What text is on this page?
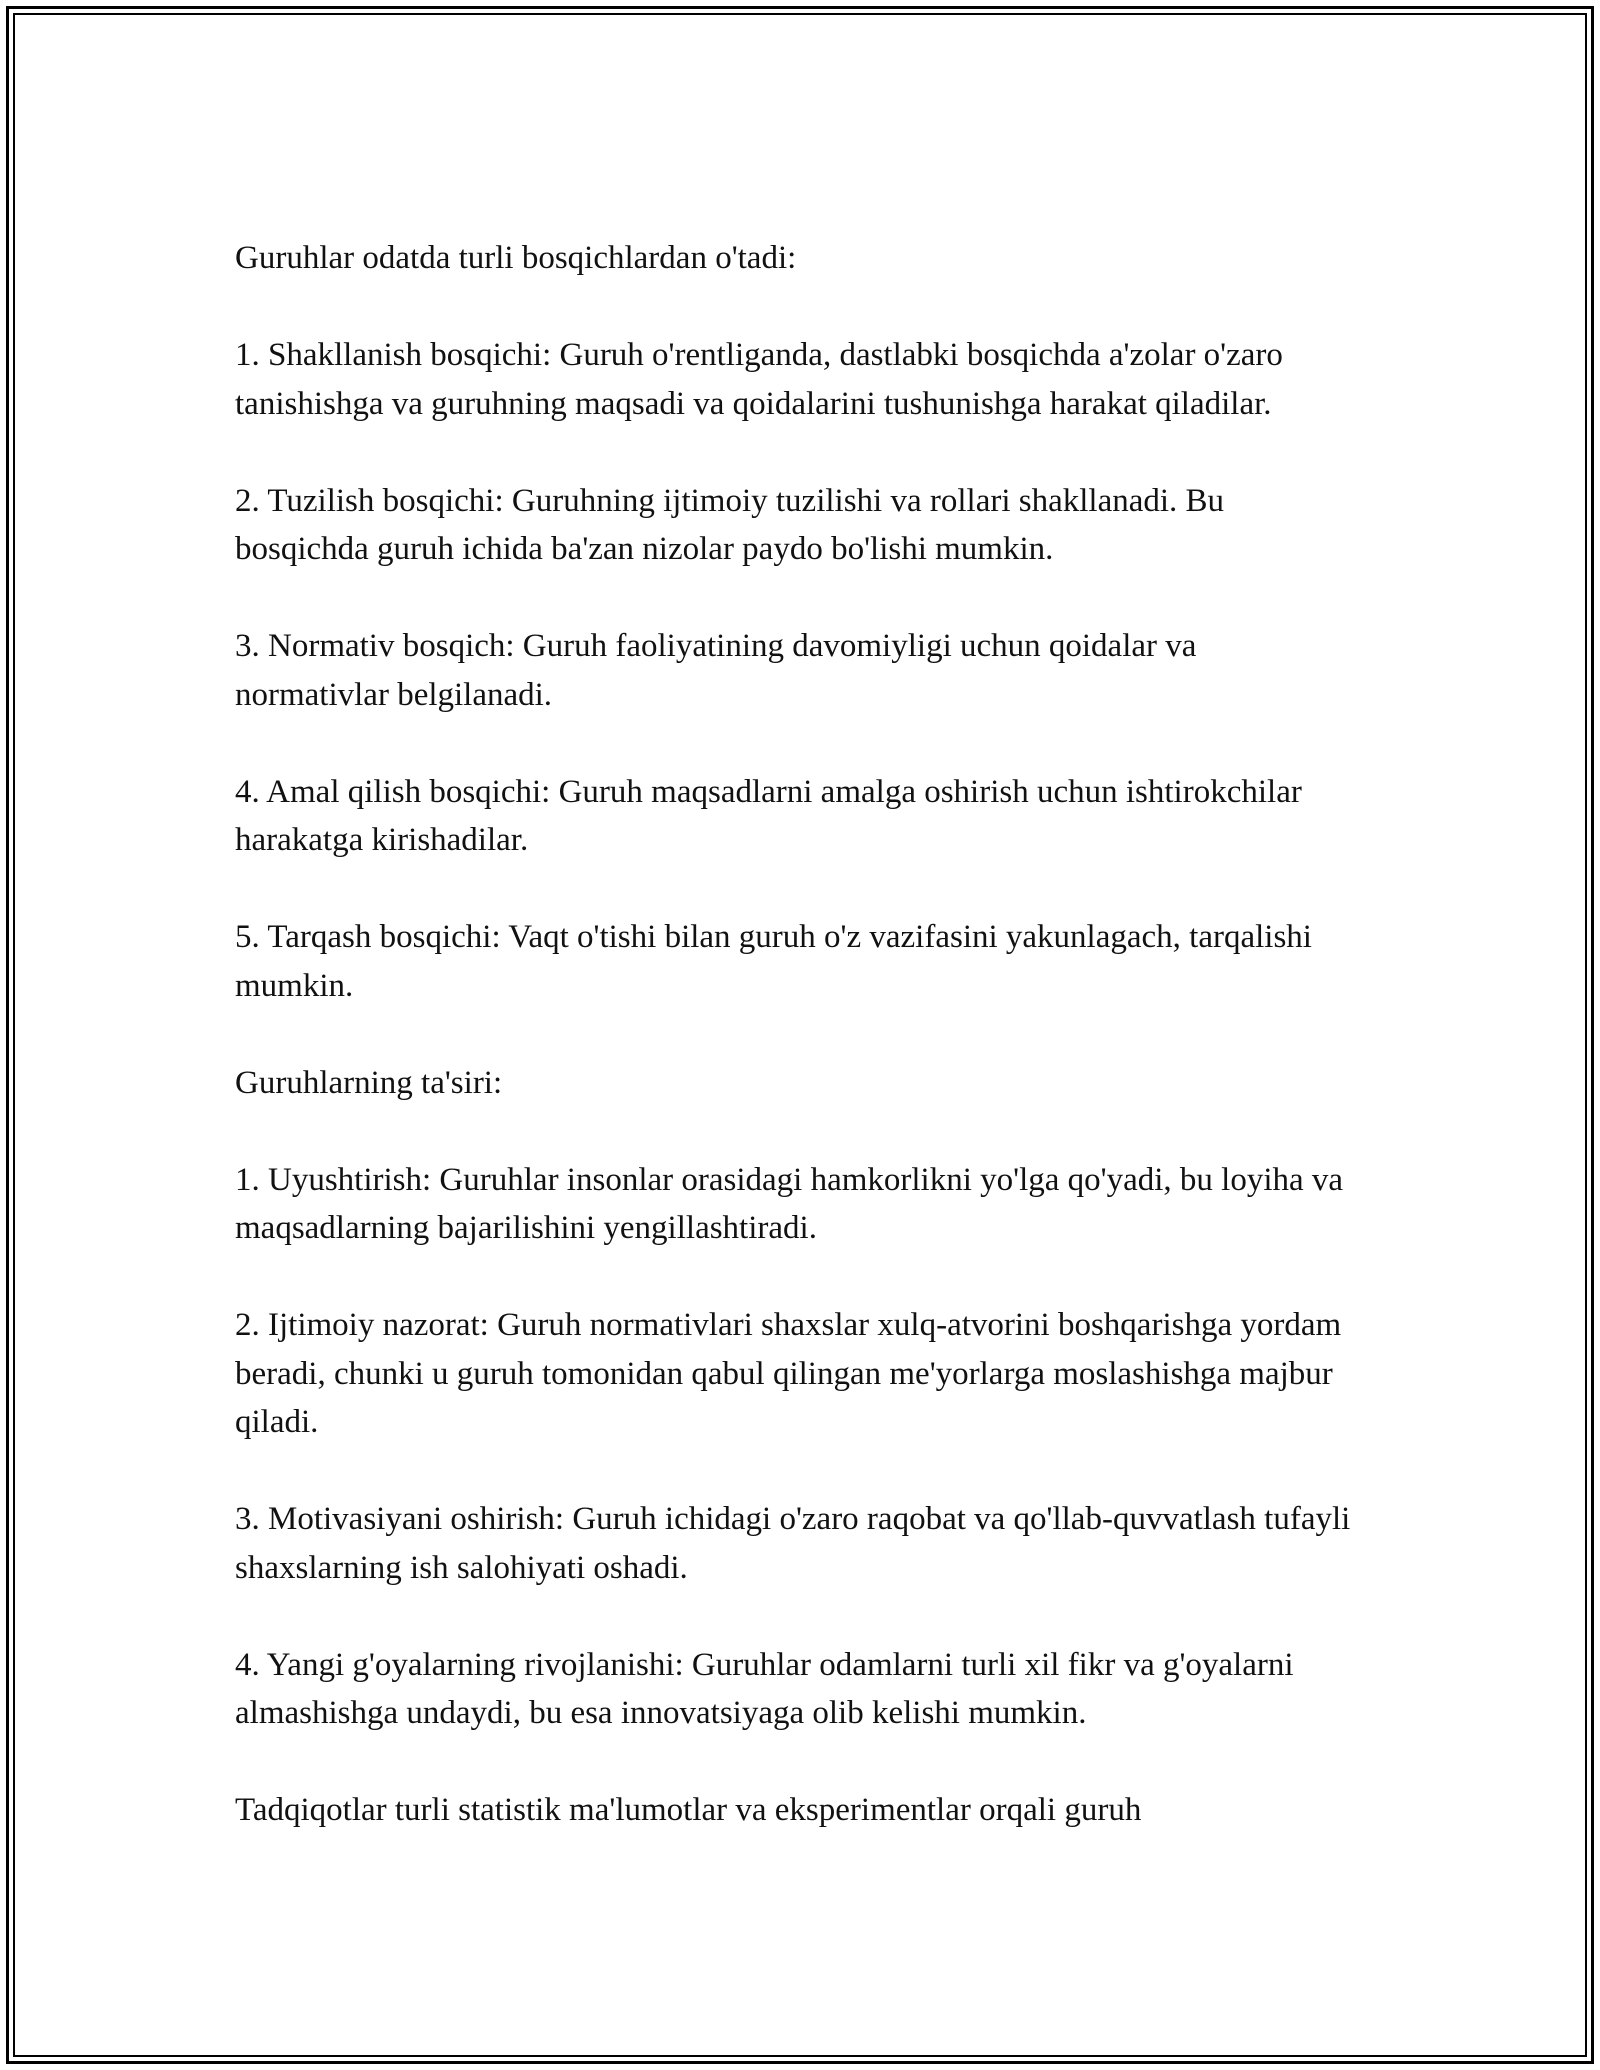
Guruhlar odatda turli bosqichlardan o'tadi:

1. Shakllanish bosqichi: Guruh o'rentliganda, dastlabki bosqichda a'zolar o'zaro tanishishga va guruhning maqsadi va qoidalarini tushunishga harakat qiladilar.

2. Tuzilish bosqichi: Guruhning ijtimoiy tuzilishi va rollari shakllanadi. Bu bosqichda guruh ichida ba'zan nizolar paydo bo'lishi mumkin.

3. Normativ bosqich: Guruh faoliyatining davomiyligi uchun qoidalar va normativlar belgilanadi.

4. Amal qilish bosqichi: Guruh maqsadlarni amalga oshirish uchun ishtirokchilar harakatga kirishadilar.

5. Tarqash bosqichi: Vaqt o'tishi bilan guruh o'z vazifasini yakunlagach, tarqalishi mumkin.

Guruhlarning ta'siri:

1. Uyushtirish: Guruhlar insonlar orasidagi hamkorlikni yo'lga qo'yadi, bu loyiha va maqsadlarning bajarilishini yengillashtiradi.

2. Ijtimoiy nazorat: Guruh normativlari shaxslar xulq-atvorini boshqarishga yordam beradi, chunki u guruh tomonidan qabul qilingan me'yorlarga moslashishga majbur qiladi.

3. Motivasiyani oshirish: Guruh ichidagi o'zaro raqobat va qo'llab-quvvatlash tufayli shaxslarning ish salohiyati oshadi.

4. Yangi g'oyalarning rivojlanishi: Guruhlar odamlarni turli xil fikr va g'oyalarni almashishga undaydi, bu esa innovatsiyaga olib kelishi mumkin.

Tadqiqotlar turli statistik ma'lumotlar va eksperimentlar orqali guruh
